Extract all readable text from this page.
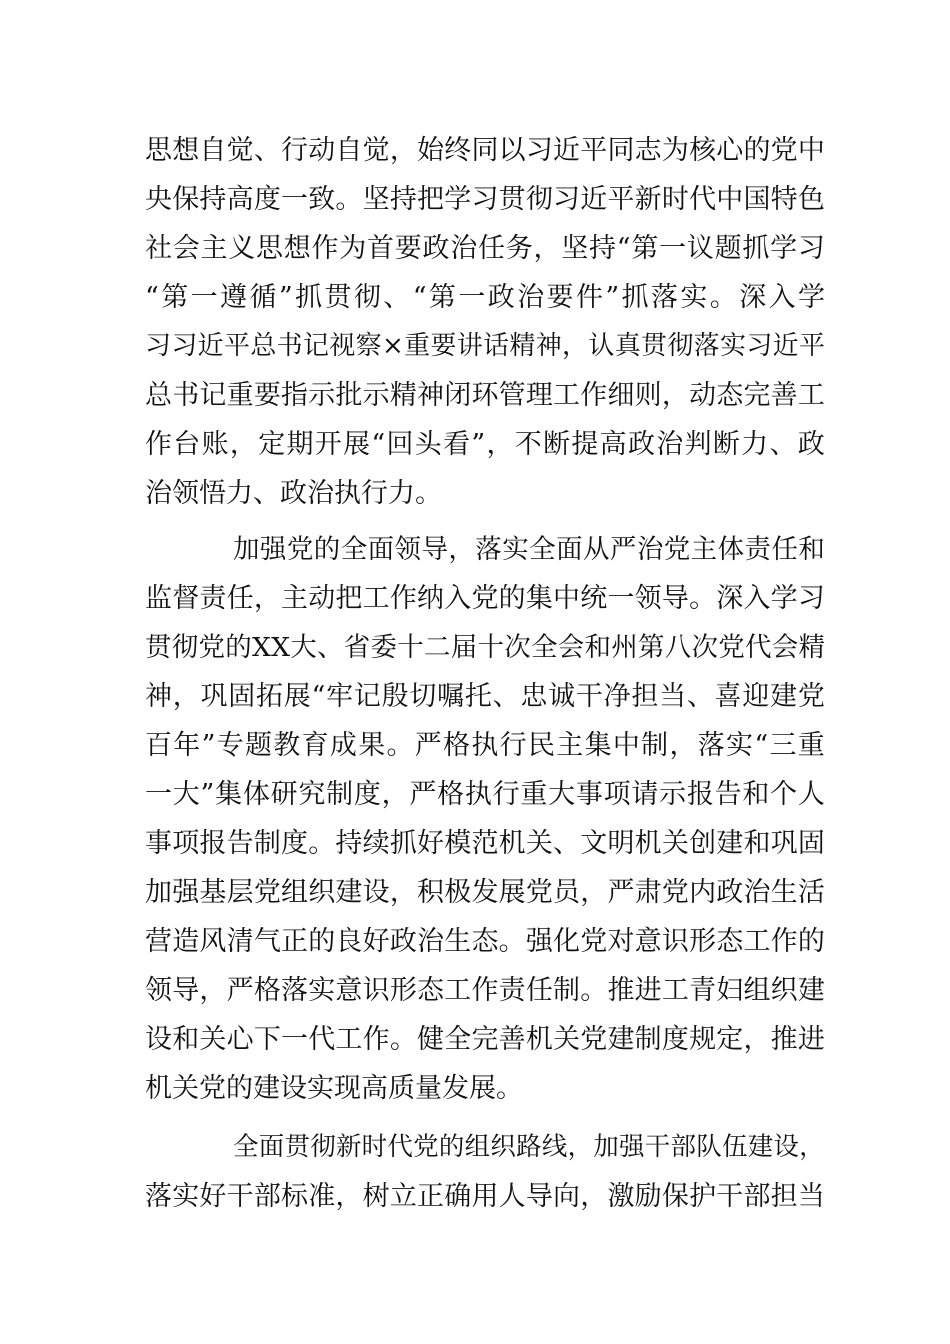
思 想 自 觉 、 行 动 自 觉 ， 始 终 同 以 习 近 平 同 志 为 核 心 的 党 中
央 保 持 高 度 一 致 。 坚 持 把 学 习 贯 彻 习 近 平 新 时 代 中 国 特 色
社 会 主 义 思 想 作 为 首 要 政 治 任 务 ， 坚 持 “ 第 一 议 题 抓 学 习
“ 第 一 遵 循 ” 抓 贯 彻 、 “ 第 一 政 治 要 件 ” 抓 落 实 。 深 入 学
习 习 近 平 总 书 记 视 察 × 重 要 讲 话 精 神 ， 认 真 贯 彻 落 实 习 近 平
总 书 记 重 要 指 示 批 示 精 神 闭 环 管 理 工 作 细 则 ， 动 态 完 善 工
作 台 账 ， 定 期 开 展 “ 回 头 看 ” ， 不 断 提 高 政 治 判 断 力 、 政
治领悟力、政治执行力。
加 强 党 的 全 面 领 导 ， 落 实 全 面 从 严 治 党 主 体 责 任 和
监 督 责 任 ， 主 动 把 工 作 纳 入 党 的 集 中 统 一 领 导 。 深 入 学 习
贯 彻 党 的 X X 大 、 省 委 十 二 届 十 次 全 会 和 州 第 八 次 党 代 会 精
神 ， 巩 固 拓 展 “ 牢 记 殷 切 嘱 托 、 忠 诚 干 净 担 当 、 喜 迎 建 党
百 年 ” 专 题 教 育 成 果 。 严 格 执 行 民 主 集 中 制 ， 落 实 “ 三 重
一 大 ” 集 体 研 究 制 度 ， 严 格 执 行 重 大 事 项 请 示 报 告 和 个 人
事 项 报 告 制 度 。 持 续 抓 好 模 范 机 关 、 文 明 机 关 创 建 和 巩 固
加 强 基 层 党 组 织 建 设 ， 积 极 发 展 党 员 ， 严 肃 党 内 政 治 生 活
营 造 风 清 气 正 的 良 好 政 治 生 态 。 强 化 党 对 意 识 形 态 工 作 的
领 导 ， 严 格 落 实 意 识 形 态 工 作 责 任 制 。 推 进 工 青 妇 组 织 建
设 和 关 心 下 一 代 工 作 。 健 全 完 善 机 关 党 建 制 度 规 定 ， 推 进
机关党的建设实现高质量发展。
全 面 贯 彻 新 时 代 党 的 组 织 路 线 ， 加 强 干 部 队 伍 建 设 ，
落 实 好 干 部 标 准 ， 树 立 正 确 用 人 导 向 ， 激 励 保 护 干 部 担 当
